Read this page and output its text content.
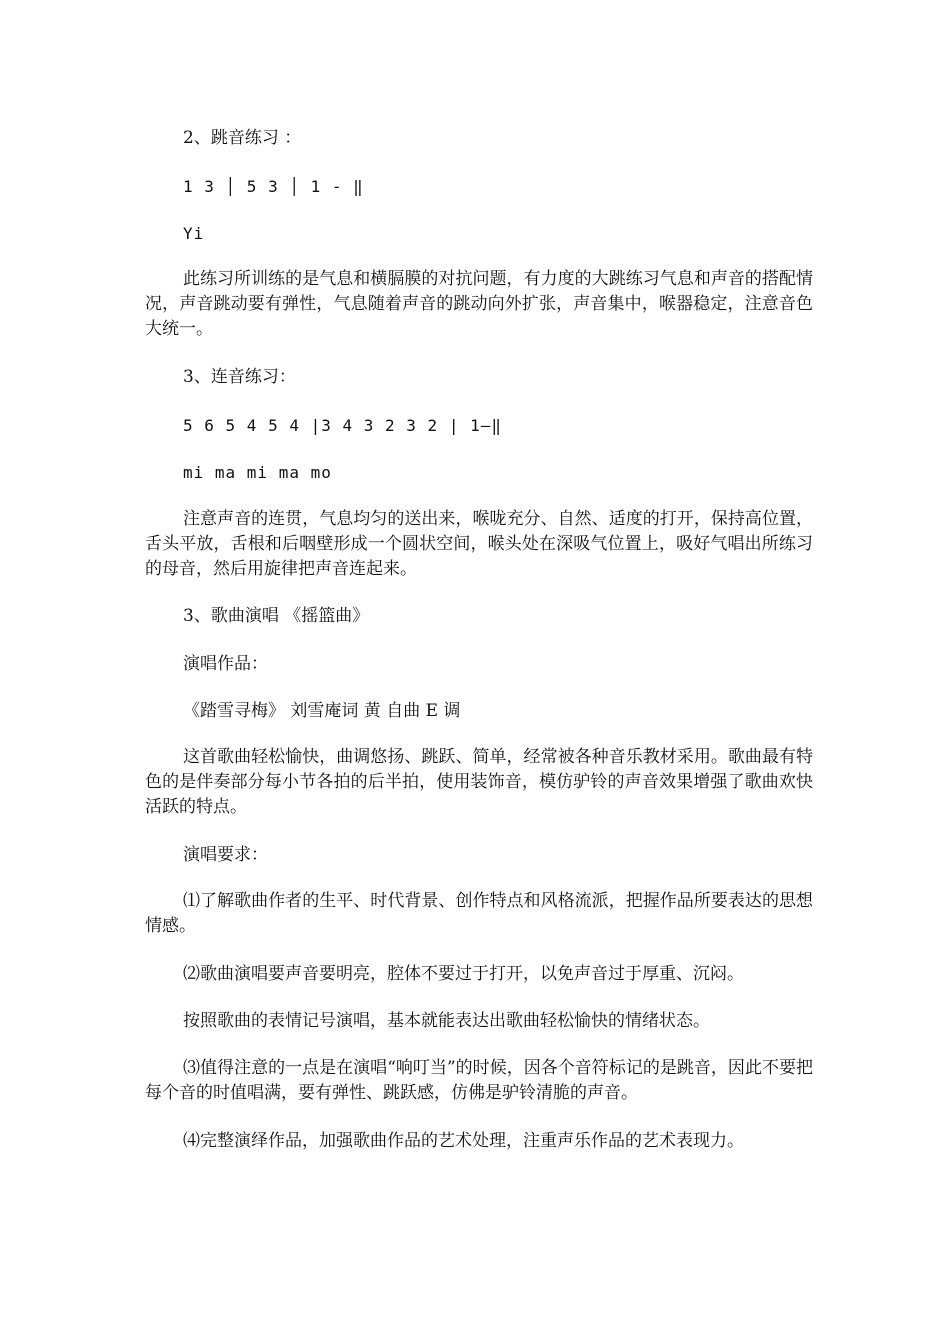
2、跳音练习 ：
1 3 │ 5 3 │ 1 - ‖
Yi
此练习所训练的是气息和横膈膜的对抗问题，有力度的大跳练习气息和声音的搭配情况，声音跳动要有弹性，气息随着声音的跳动向外扩张，声音集中，喉器稳定，注意音色大统一。
3、连音练习：
5 6 5 4 5 4 |3 4 3 2 3 2 | 1—‖
mi ma mi ma mo
注意声音的连贯，气息均匀的送出来，喉咙充分、自然、适度的打开，保持高位置，舌头平放，舌根和后咽壁形成一个圆状空间，喉头处在深吸气位置上，吸好气唱出所练习的母音，然后用旋律把声音连起来。
3、歌曲演唱 《摇篮曲》
演唱作品：
《踏雪寻梅》 刘雪庵词 黄 自曲 E 调
这首歌曲轻松愉快，曲调悠扬、跳跃、简单，经常被各种音乐教材采用。歌曲最有特色的是伴奏部分每小节各拍的后半拍，使用装饰音，模仿驴铃的声音效果增强了歌曲欢快活跃的特点。
演唱要求：
⑴了解歌曲作者的生平、时代背景、创作特点和风格流派，把握作品所要表达的思想情感。
⑵歌曲演唱要声音要明亮，腔体不要过于打开，以免声音过于厚重、沉闷。
按照歌曲的表情记号演唱，基本就能表达出歌曲轻松愉快的情绪状态。
⑶值得注意的一点是在演唱“响叮当”的时候，因各个音符标记的是跳音，因此不要把每个音的时值唱满，要有弹性、跳跃感，仿佛是驴铃清脆的声音。
⑷完整演绎作品，加强歌曲作品的艺术处理，注重声乐作品的艺术表现力。
